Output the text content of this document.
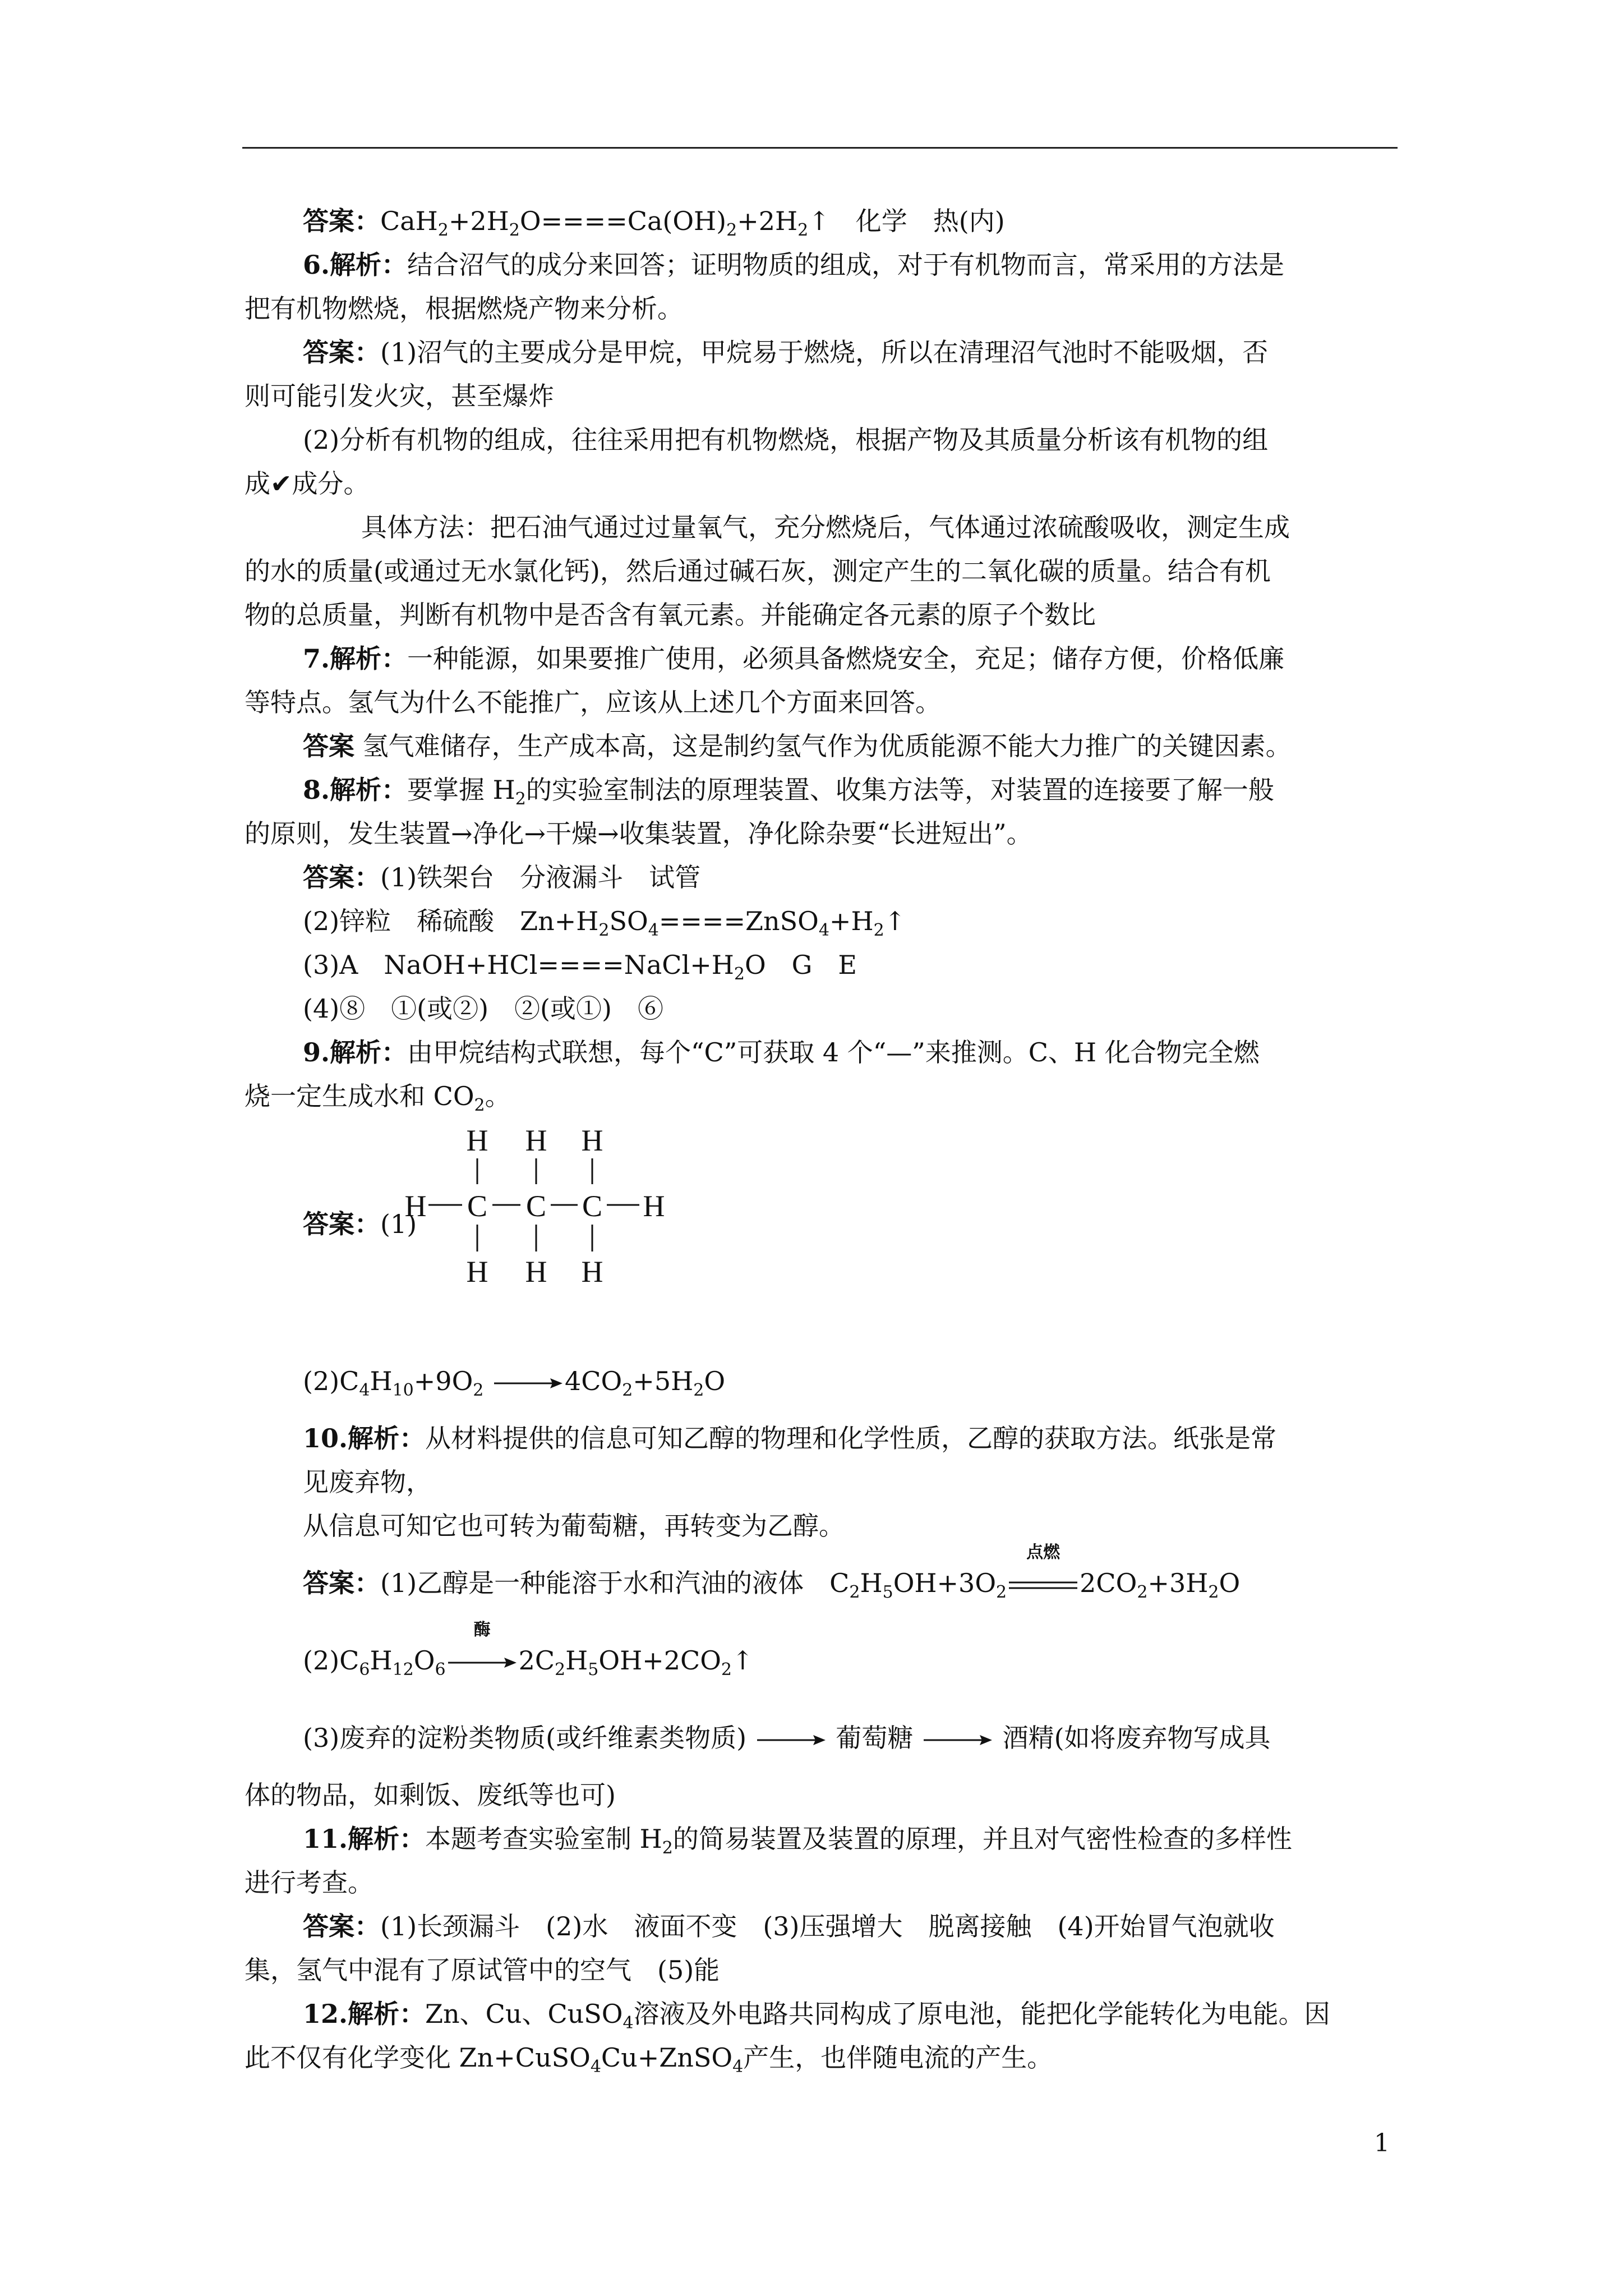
答案：$CaH_2+2H_2O====Ca(OH)_2+2H_2↑$　化学　热(内)

6.解析：结合沼气的成分来回答；证明物质的组成，对于有机物而言，常采用的方法是

把有机物燃烧，根据燃烧产物来分析。

答案：(1)沼气的主要成分是甲烷，甲烷易于燃烧，所以在清理沼气池时不能吸烟，否

则可能引发火灾，甚至爆炸

(2)分析有机物的组成，往往采用把有机物燃烧，根据产物及其质量分析该有机物的组

成✔成分。

具体方法：把石油气通过过量氧气，充分燃烧后，气体通过浓硫酸吸收，测定生成

的水的质量(或通过无水氯化钙)，然后通过碱石灰，测定产生的二氧化碳的质量。结合有机

物的总质量，判断有机物中是否含有氧元素。并能确定各元素的原子个数比

7.解析：一种能源，如果要推广使用，必须具备燃烧安全，充足；储存方便，价格低廉

等特点。氢气为什么不能推广，应该从上述几个方面来回答。

答案 氢气难储存，生产成本高，这是制约氢气作为优质能源不能大力推广的关键因素。

8.解析：要掌握 $H_2$的实验室制法的原理装置、收集方法等，对装置的连接要了解一般

的原则，发生装置→净化→干燥→收集装置，净化除杂要“长进短出”。

答案：(1)铁架台　分液漏斗　试管

(2)锌粒　稀硫酸　$Zn+H_2SO_4====ZnSO_4+H_2↑$

(3)A　$NaOH+HCl====NaCl+H_2O$　G　E

(4)⑧　①(或②)　②(或①)　⑥

9.解析：由甲烷结构式联想，每个“C”可获取 4 个“—”来推测。C、H 化合物完全燃

烧一定生成水和 $CO_2$。

答案：(1)
H H H
H C C C H
H H H

$(2)C_4H_{10}+9O_2 \to 4CO_2+5H_2O$

10.解析：从材料提供的信息可知乙醇的物理和化学性质，乙醇的获取方法。纸张是常

见废弃物，

从信息可知它也可转为葡萄糖，再转变为乙醇。

答案：(1)乙醇是一种能溶于水和汽油的液体　$C_2H_5OH+3O_2$
点燃
$2CO_2+3H_2O$

$(2)C_6H_{12}O_6$
酶
$2C_2H_5OH+2CO_2↑$

(3)废弃的淀粉类物质(或纤维素类物质) → 葡萄糖 → 酒精(如将废弃物写成具

体的物品，如剩饭、废纸等也可)

11.解析：本题考查实验室制 $H_2$的简易装置及装置的原理，并且对气密性检查的多样性

进行考查。

答案：(1)长颈漏斗　(2)水　液面不变　(3)压强增大　脱离接触　(4)开始冒气泡就收

集，氢气中混有了原试管中的空气　(5)能

12.解析：Zn、Cu、CuSO$_4$溶液及外电路共同构成了原电池，能把化学能转化为电能。因

此不仅有化学变化 Zn+CuSO$_4$Cu+ZnSO$_4$产生，也伴随电流的产生。

1
